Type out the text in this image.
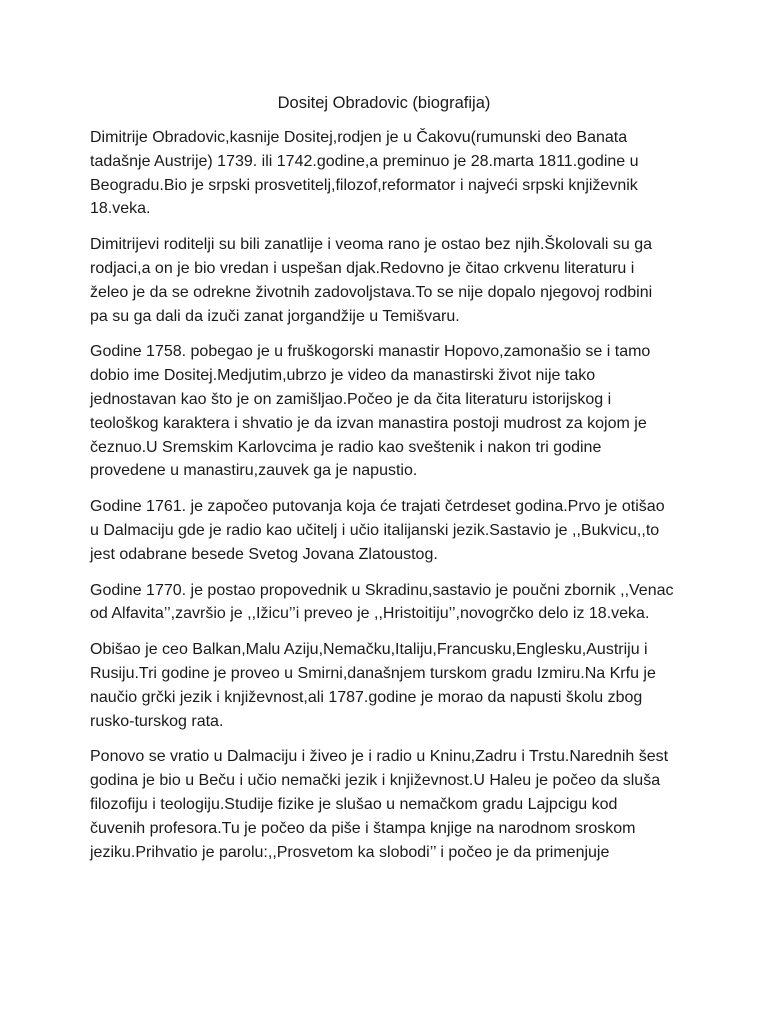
Dositej Obradovic (biografija)

Dimitrije Obradovic,kasnije Dositej,rodjen je u Čakovu(rumunski deo Banata
tadašnje Austrije) 1739. ili 1742.godine,a preminuo je 28.marta 1811.godine u
Beogradu.Bio je srpski prosvetitelj,filozof,reformator i najveći srpski književnik
18.veka.

Dimitrijevi roditelji su bili zanatlije i veoma rano je ostao bez njih.Školovali su ga
rodjaci,a on je bio vredan i uspešan djak.Redovno je čitao crkvenu literaturu i
želeo je da se odrekne životnih zadovoljstava.To se nije dopalo njegovoj rodbini
pa su ga dali da izuči zanat jorgandžije u Temišvaru.

Godine 1758. pobegao je u fruškogorski manastir Hopovo,zamonašio se i tamo
dobio ime Dositej.Medjutim,ubrzo je video da manastirski život nije tako
jednostavan kao što je on zamišljao.Počeo je da čita literaturu istorijskog i
teološkog karaktera i shvatio je da izvan manastira postoji mudrost za kojom je
čeznuo.U Sremskim Karlovcima je radio kao sveštenik i nakon tri godine
provedene u manastiru,zauvek ga je napustio.

Godine 1761. je započeo putovanja koja će trajati četrdeset godina.Prvo je otišao
u Dalmaciju gde je radio kao učitelj i učio italijanski jezik.Sastavio je ,,Bukvicu,,to
jest odabrane besede Svetog Jovana Zlatoustog.

Godine 1770. je postao propovednik u Skradinu,sastavio je poučni zbornik ,,Venac
od Alfavita’’,završio je ,,Ižicu’’i preveo je ,,Hristoitiju’’,novogrčko delo iz 18.veka.

Obišao je ceo Balkan,Malu Aziju,Nemačku,Italiju,Francusku,Englesku,Austriju i
Rusiju.Tri godine je proveo u Smirni,današnjem turskom gradu Izmiru.Na Krfu je
naučio grčki jezik i književnost,ali 1787.godine je morao da napusti školu zbog
rusko-turskog rata.

Ponovo se vratio u Dalmaciju i živeo je i radio u Kninu,Zadru i Trstu.Narednih šest
godina je bio u Beču i učio nemački jezik i književnost.U Haleu je počeo da sluša
filozofiju i teologiju.Studije fizike je slušao u nemačkom gradu Lajpcigu kod
čuvenih profesora.Tu je počeo da piše i štampa knjige na narodnom sroskom
jeziku.Prihvatio je parolu:,,Prosvetom ka slobodi’’ i počeo je da primenjuje
